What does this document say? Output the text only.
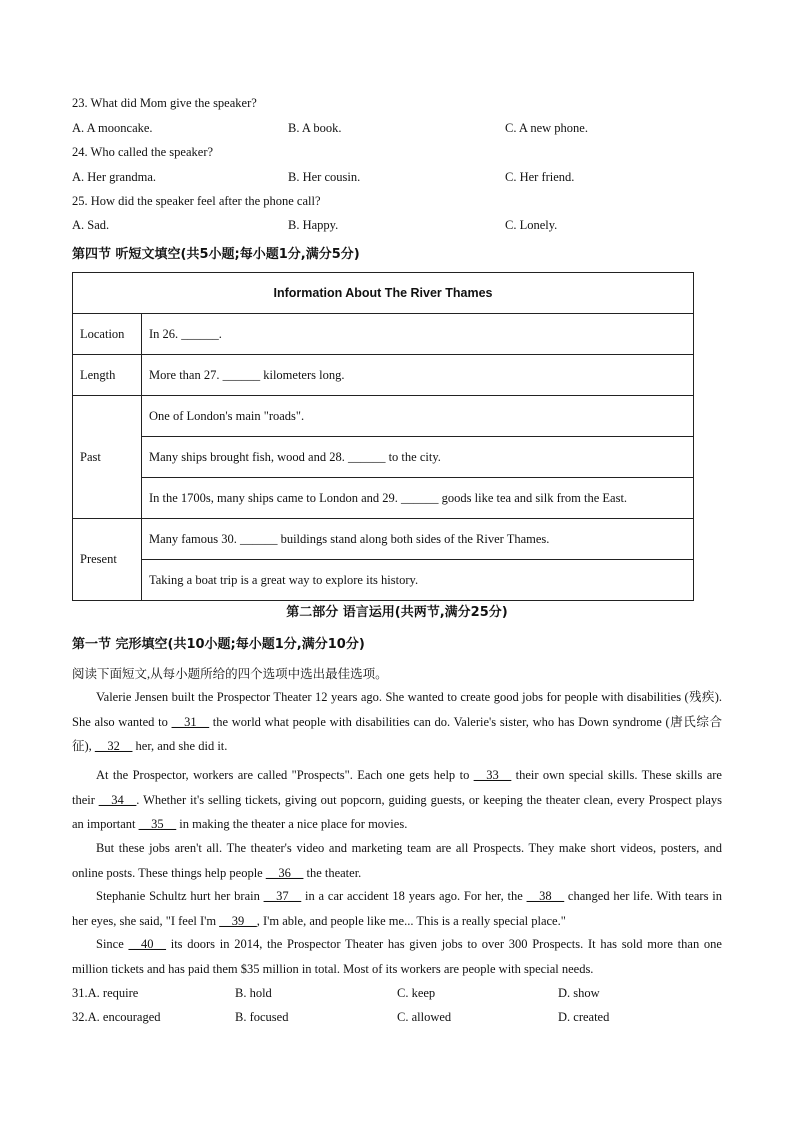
23. What did Mom give the speaker?
A. A mooncake.	B. A book.	C. A new phone.
24. Who called the speaker?
A. Her grandma.	B. Her cousin.	C. Her friend.
25. How did the speaker feel after the phone call?
A. Sad.	B. Happy.	C. Lonely.
第四节 听短文填空(共5小题;每小题1分,满分5分)
Information About The River Thames	
Location	In 26. ______.
Length	More than 27. ______ kilometers long.
Past	One of London's main "roads".
	Many ships brought fish, wood and 28. ______ to the city.
	In the 1700s, many ships came to London and 29. ______ goods like tea and silk from the East.
Present	Many famous 30. ______ buildings stand along both sides of the River Thames.
	Taking a boat trip is a great way to explore its history.
第二部分 语言运用(共两节,满分25分)
第一节 完形填空(共10小题;每小题1分,满分10分)
阅读下面短文,从每小题所给的四个选项中选出最佳选项。
Valerie Jensen built the Prospector Theater 12 years ago. She wanted to create good jobs for people with disabilities (残疾). She also wanted to __31__ the world what people with disabilities can do. Valerie's sister, who has Down syndrome (唐氏综合征), __32__ her, and she did it.
At the Prospector, workers are called "Prospects". Each one gets help to __33__ their own special skills. These skills are their __34__. Whether it's selling tickets, giving out popcorn, guiding guests, or keeping the theater clean, every Prospect plays an important __35__ in making the theater a nice place for movies.
But these jobs aren't all. The theater's video and marketing team are all Prospects. They make short videos, posters, and online posts. These things help people __36__ the theater.
Stephanie Schultz hurt her brain __37__ in a car accident 18 years ago. For her, the __38__ changed her life. With tears in her eyes, she said, "I feel I'm __39__, I'm able, and people like me... This is a really special place."
Since __40__ its doors in 2014, the Prospector Theater has given jobs to over 300 Prospects. It has sold more than one million tickets and has paid them $35 million in total. Most of its workers are people with special needs.
31.A. require	B. hold	C. keep	D. show
32.A. encouraged	B. focused	C. allowed	D. created
